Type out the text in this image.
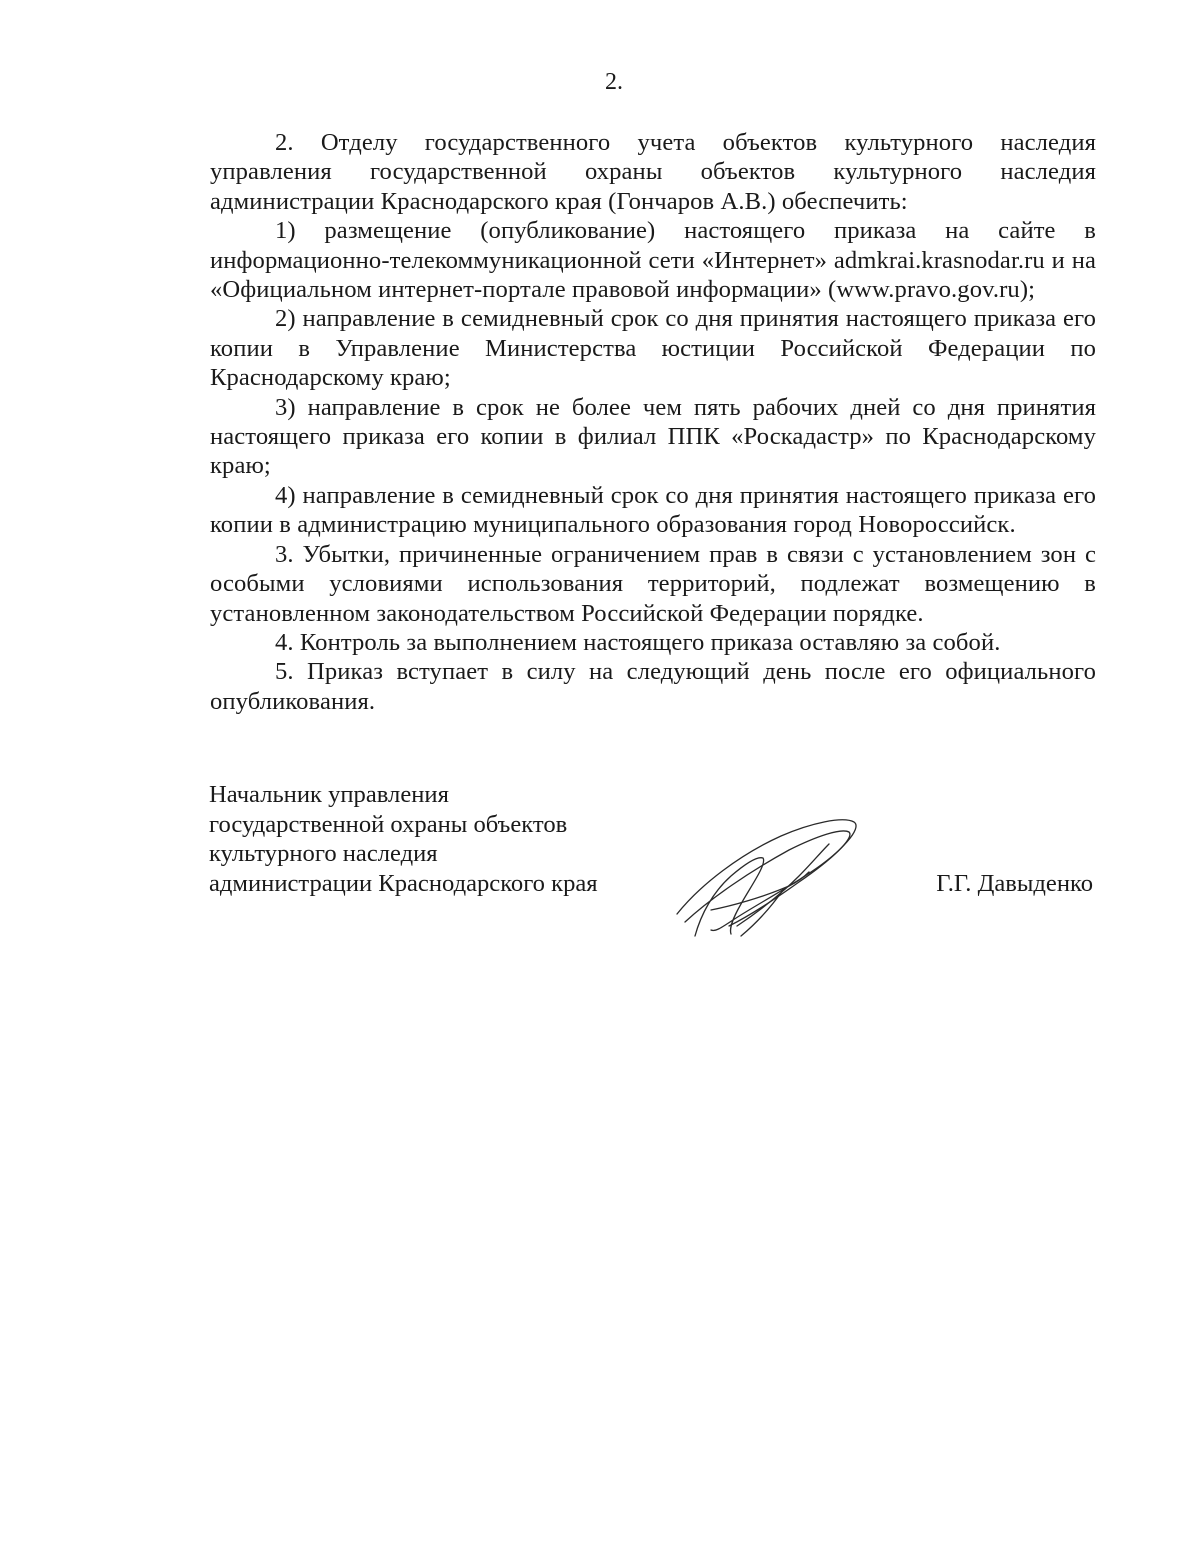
2.

2. Отделу государственного учета объектов культурного наследия управления государственной охраны объектов культурного наследия администрации Краснодарского края (Гончаров А.В.) обеспечить:

1) размещение (опубликование) настоящего приказа на сайте в информационно-телекоммуникационной сети «Интернет» admkrai.krasnodar.ru и на «Официальном интернет-портале правовой информации» (www.pravo.gov.ru);

2) направление в семидневный срок со дня принятия настоящего приказа его копии в Управление Министерства юстиции Российской Федерации по Краснодарскому краю;

3) направление в срок не более чем пять рабочих дней со дня принятия настоящего приказа его копии в филиал ППК «Роскадастр» по Краснодарскому краю;

4) направление в семидневный срок со дня принятия настоящего приказа его копии в администрацию муниципального образования город Новороссийск.

3. Убытки, причиненные ограничением прав в связи с установлением зон с особыми условиями использования территорий, подлежат возмещению в установленном законодательством Российской Федерации порядке.

4. Контроль за выполнением настоящего приказа оставляю за собой.

5. Приказ вступает в силу на следующий день после его официального опубликования.

Начальник управления
государственной охраны объектов
культурного наследия
администрации Краснодарского края	Г.Г. Давыденко
